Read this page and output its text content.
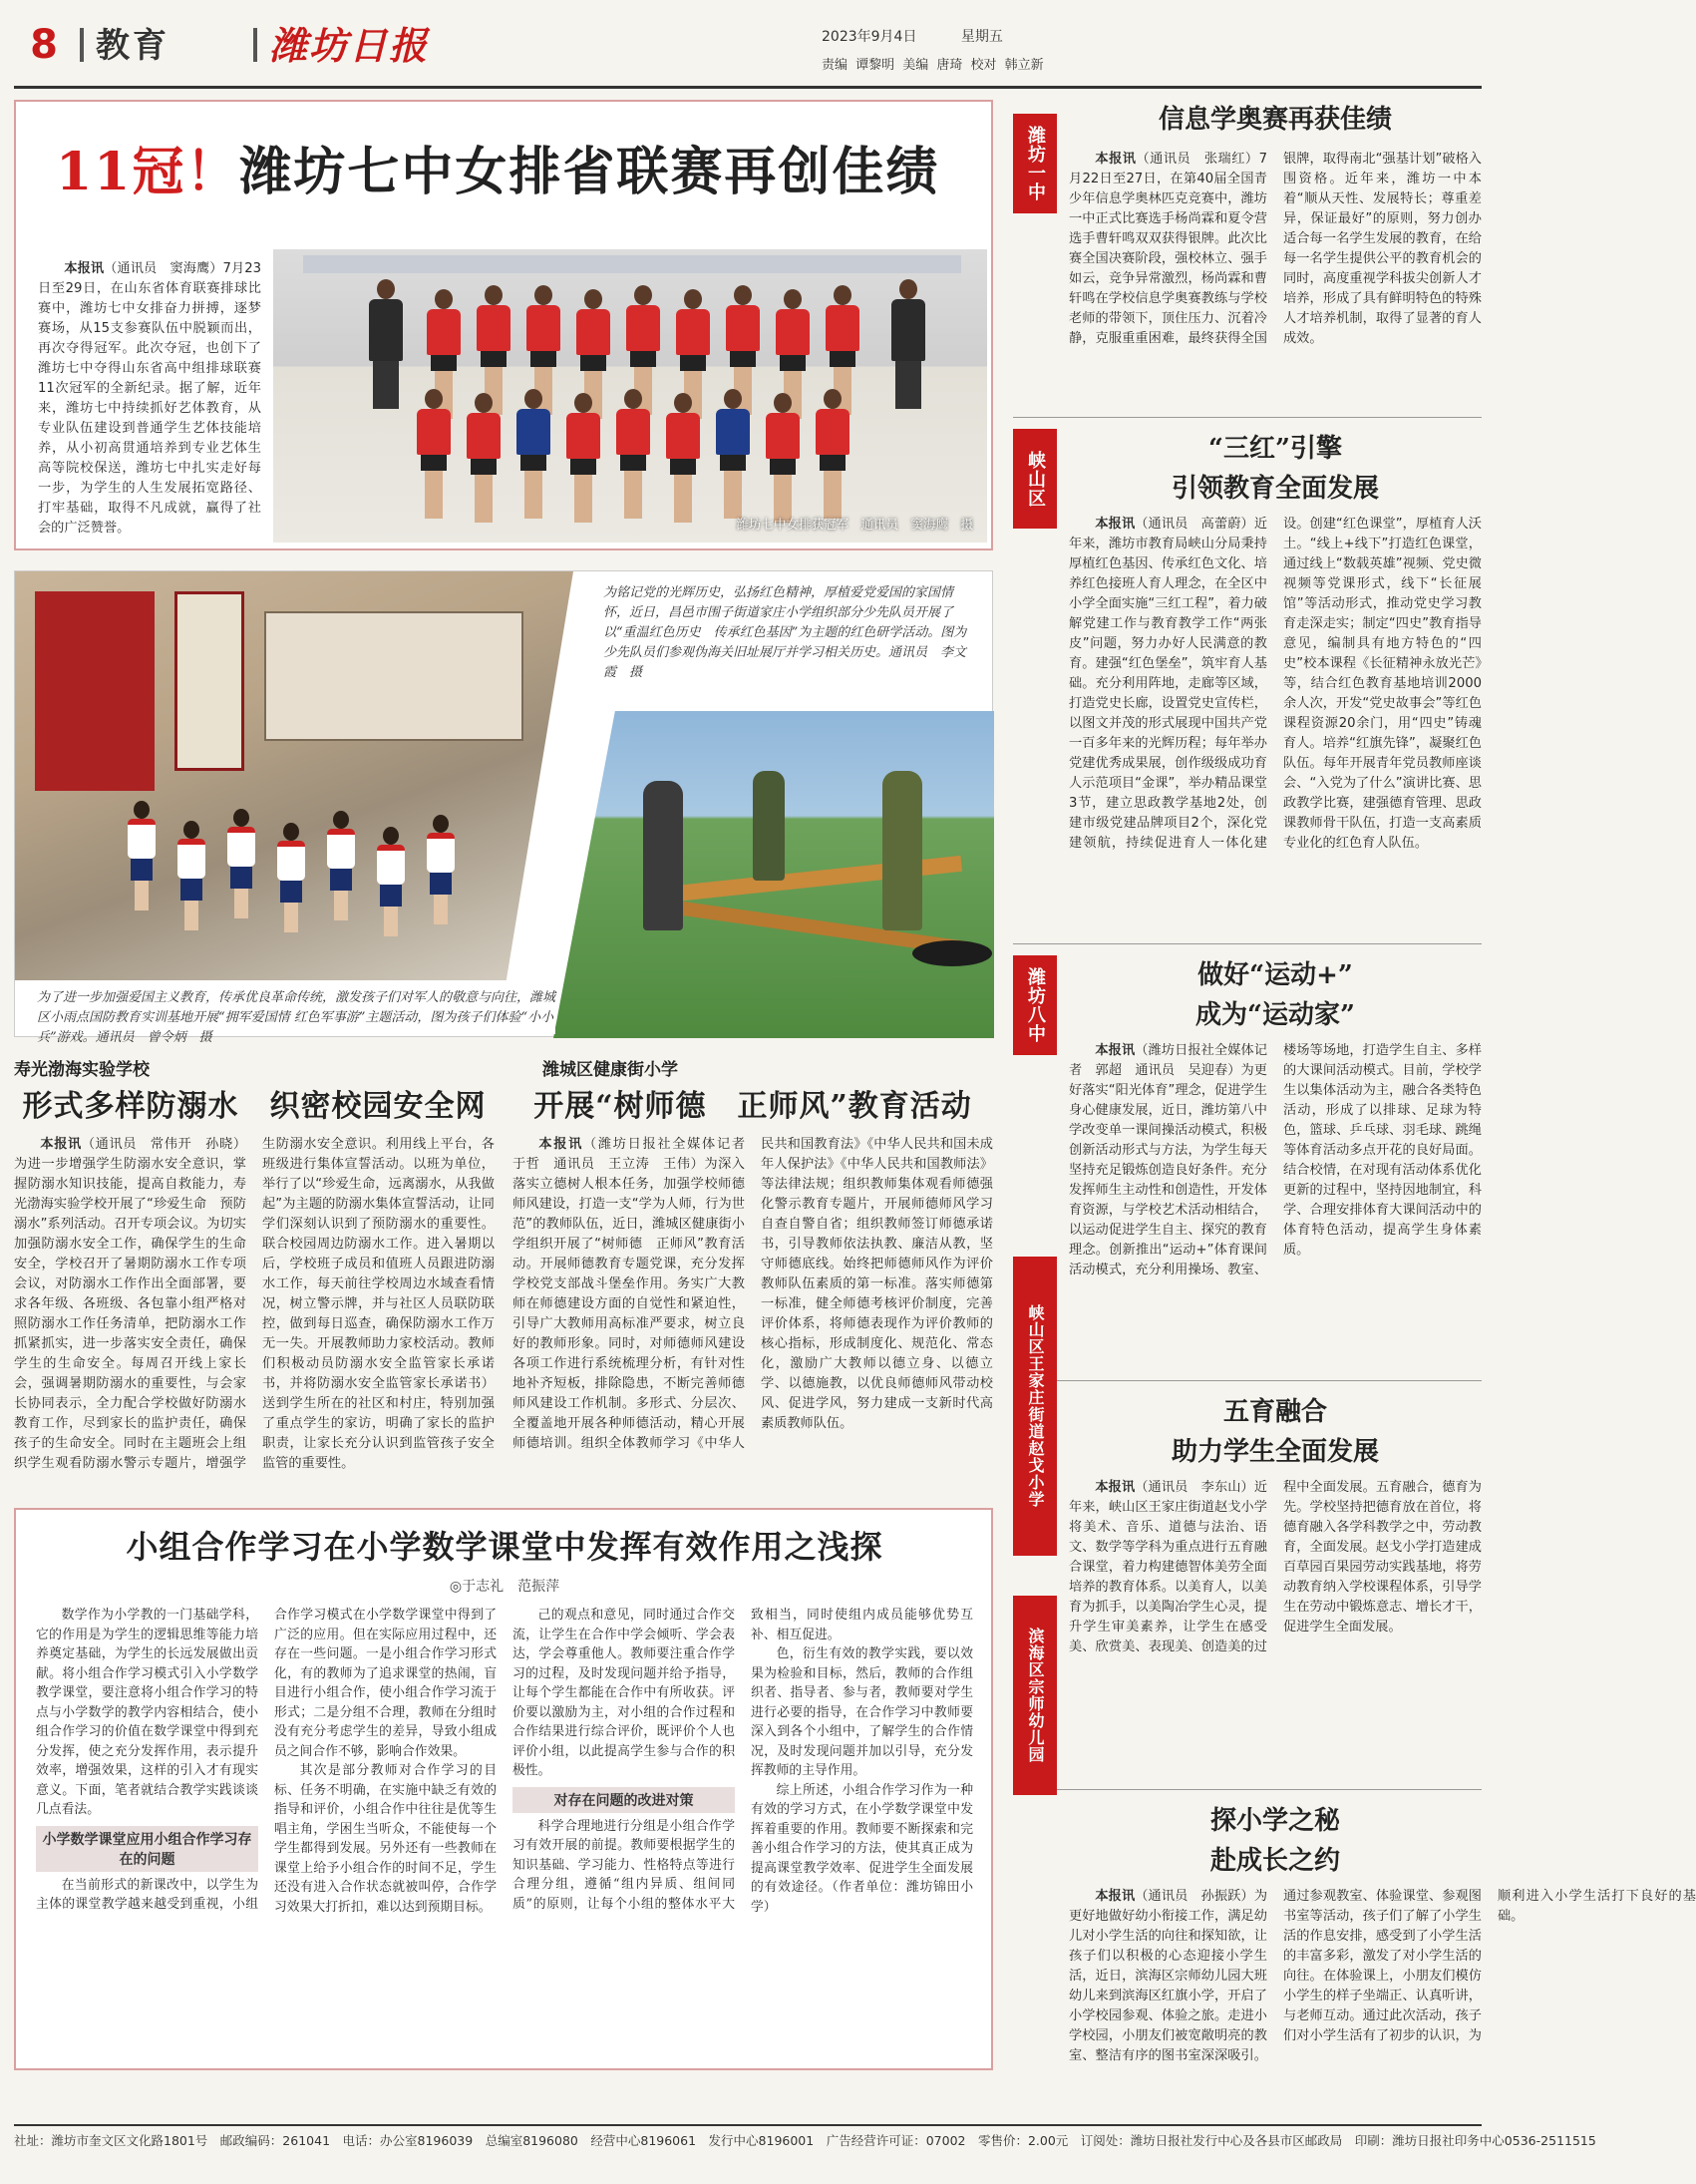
8	教育	潍坊日报	2023年9月4日	星期五
责编 谭黎明 美编 唐琦 校对 韩立新
11冠！潍坊七中女排省联赛再创佳绩
本报讯（通讯员　窦海鹰）7月23日至29日，在山东省体育联赛排球比赛中，潍坊七中女排奋力拼搏，逐梦赛场，从15支参赛队伍中脱颖而出，再次夺得冠军。此次夺冠，也创下了潍坊七中夺得山东省高中组排球联赛11次冠军的全新纪录。据了解，近年来，潍坊七中持续抓好艺体教育，从专业队伍建设到普通学生艺体技能培养，从小初高贯通培养到专业艺体生高等院校保送，潍坊七中扎实走好每一步，为学生的人生发展拓宽路径、打牢基础，取得不凡成就，赢得了社会的广泛赞誉。	潍坊七中女排获冠军　通讯员　窦海鹰　摄
为铭记党的光辉历史，弘扬红色精神，厚植爱党爱国的家国情怀，近日，昌邑市围子街道家庄小学组织部分少先队员开展了以“重温红色历史　传承红色基因”为主题的红色研学活动。图为少先队员们参观伪海关旧址展厅并学习相关历史。通讯员　李文霞　摄
为了进一步加强爱国主义教育，传承优良革命传统，激发孩子们对军人的敬意与向往，潍城区小雨点国防教育实训基地开展“拥军爱国情 红色军事游”主题活动，图为孩子们体验“小小兵”游戏。通讯员　曾令炳　摄
寿光渤海实验学校
形式多样防溺水　织密校园安全网
本报讯（通讯员　常伟开　孙晓）为进一步增强学生防溺水安全意识，掌握防溺水知识技能，提高自救能力，寿光渤海实验学校开展了“珍爱生命　预防溺水”系列活动。召开专项会议。为切实加强防溺水安全工作，确保学生的生命安全，学校召开了暑期防溺水工作专项会议，对防溺水工作作出全面部署，要求各年级、各班级、各包靠小组严格对照防溺水工作任务清单，把防溺水工作抓紧抓实，进一步落实安全责任，确保学生的生命安全。每周召开线上家长会，强调暑期防溺水的重要性，与会家长协同表示，全力配合学校做好防溺水教育工作，尽到家长的监护责任，确保孩子的生命安全。同时在主题班会上组织学生观看防溺水警示专题片，增强学生防溺水安全意识。利用线上平台，各班级进行集体宣誓活动。以班为单位，举行了以“珍爱生命，远离溺水，从我做起”为主题的防溺水集体宣誓活动，让同学们深刻认识到了预防溺水的重要性。联合校园周边防溺水工作。进入暑期以后，学校班子成员和值班人员跟进防溺水工作，每天前往学校周边水域查看情况，树立警示牌，并与社区人员联防联控，做到每日巡查，确保防溺水工作万无一失。开展教师助力家校活动。教师们积极动员防溺水安全监管家长承诺书，并将防溺水安全监管家长承诺书）送到学生所在的社区和村庄，特别加强了重点学生的家访，明确了家长的监护职责，让家长充分认识到监管孩子安全监管的重要性。
潍城区健康街小学
开展“树师德　正师风”教育活动
本报讯（潍坊日报社全媒体记者　于哲　通讯员　王立涛　王伟）为深入落实立德树人根本任务，加强学校师德师风建设，打造一支“学为人师，行为世范”的教师队伍，近日，潍城区健康街小学组织开展了“树师德　正师风”教育活动。开展师德教育专题党课，充分发挥学校党支部战斗堡垒作用。务实广大教师在师德建设方面的自觉性和紧迫性，引导广大教师用高标准严要求，树立良好的教师形象。同时，对师德师风建设各项工作进行系统梳理分析，有针对性地补齐短板，排除隐患，不断完善师德师风建设工作机制。多形式、分层次、全覆盖地开展各种师德活动，精心开展师德培训。组织全体教师学习《中华人民共和国教育法》《中华人民共和国未成年人保护法》《中华人民共和国教师法》等法律法规；组织教师集体观看师德强化警示教育专题片，开展师德师风学习自查自警自省；组织教师签订师德承诺书，引导教师依法执教、廉洁从教，坚守师德底线。始终把师德师风作为评价教师队伍素质的第一标准。落实师德第一标准，健全师德考核评价制度，完善评价体系，将师德表现作为评价教师的核心指标，形成制度化、规范化、常态化，激励广大教师以德立身、以德立学、以德施教，以优良师德师风带动校风、促进学风，努力建成一支新时代高素质教师队伍。
小组合作学习在小学数学课堂中发挥有效作用之浅探
◎于志礼　范振萍

数学作为小学教的一门基础学科，它的作用是为学生的逻辑思维等能力培养奠定基础，为学生的长远发展做出贡献。将小组合作学习模式引入小学数学教学课堂，要注意将小组合作学习的特点与小学数学的教学内容相结合，使小组合作学习的价值在数学课堂中得到充分发挥，使之充分发挥作用，表示提升效率，增强效果，这样的引入才有现实意义。下面，笔者就结合教学实践谈谈几点看法。

小学数学课堂应用小组合作学习存在的问题

在当前形式的新课改中，以学生为主体的课堂教学越来越受到重视，小组合作学习模式在小学数学课堂中得到了广泛的应用。但在实际应用过程中，还存在一些问题。一是小组合作学习形式化，有的教师为了追求课堂的热闹，盲目进行小组合作，使小组合作学习流于形式；二是分组不合理，教师在分组时没有充分考虑学生的差异，导致小组成员之间合作不够，影响合作效果。

其次是部分教师对合作学习的目标、任务不明确，在实施中缺乏有效的指导和评价，小组合作中往往是优等生唱主角，学困生当听众，不能使每一个学生都得到发展。另外还有一些教师在课堂上给予小组合作的时间不足，学生还没有进入合作状态就被叫停，合作学习效果大打折扣，难以达到预期目标。

己的观点和意见，同时通过合作交流，让学生在合作中学会倾听、学会表达，学会尊重他人。教师要注重合作学习的过程，及时发现问题并给予指导，让每个学生都能在合作中有所收获。评价要以激励为主，对小组的合作过程和合作结果进行综合评价，既评价个人也评价小组，以此提高学生参与合作的积极性。

对存在问题的改进对策

科学合理地进行分组是小组合作学习有效开展的前提。教师要根据学生的知识基础、学习能力、性格特点等进行合理分组，遵循“组内异质、组间同质”的原则，让每个小组的整体水平大致相当，同时使组内成员能够优势互补、相互促进。

色，衍生有效的教学实践，要以效果为检验和目标，然后，教师的合作组织者、指导者、参与者，教师要对学生进行必要的指导，在合作学习中教师要深入到各个小组中，了解学生的合作情况，及时发现问题并加以引导，充分发挥教师的主导作用。

综上所述，小组合作学习作为一种有效的学习方式，在小学数学课堂中发挥着重要的作用。教师要不断探索和完善小组合作学习的方法，使其真正成为提高课堂教学效率、促进学生全面发展的有效途径。（作者单位：潍坊锦田小学）

潍坊一中
信息学奥赛再获佳绩
本报讯（通讯员　张瑞红）7月22日至27日，在第40届全国青少年信息学奥林匹克竞赛中，潍坊一中正式比赛选手杨尚霖和夏令营选手曹轩鸣双双获得银牌。此次比赛全国决赛阶段，强校林立、强手如云，竞争异常激烈，杨尚霖和曹轩鸣在学校信息学奥赛教练与学校老师的带领下，顶住压力、沉着冷静，克服重重困难，最终获得全国银牌，取得南北“强基计划”破格入围资格。近年来，潍坊一中本着“顺从天性、发展特长；尊重差异，保证最好”的原则，努力创办适合每一名学生发展的教育，在给每一名学生提供公平的教育机会的同时，高度重视学科拔尖创新人才培养，形成了具有鲜明特色的特殊人才培养机制，取得了显著的育人成效。
峡山区
“三红”引擎
引领教育全面发展
本报讯（通讯员　高蕾蔚）近年来，潍坊市教育局峡山分局秉持厚植红色基因、传承红色文化、培养红色接班人育人理念，在全区中小学全面实施“三红工程”，着力破解党建工作与教育教学工作“两张皮”问题，努力办好人民满意的教育。建强“红色堡垒”，筑牢育人基础。充分利用阵地，走廊等区域，打造党史长廊，设置党史宣传栏，以图文并茂的形式展现中国共产党一百多年来的光辉历程；每年举办党建优秀成果展，创作级级成功育人示范项目“金课”，举办精品课堂3节，建立思政教学基地2处，创建市级党建品牌项目2个，深化党建领航，持续促进育人一体化建设。创建“红色课堂”，厚植育人沃土。“线上+线下”打造红色课堂，通过线上“数载英雄”视频、党史微视频等党课形式，线下“长征展馆”等活动形式，推动党史学习教育走深走实；制定“四史”教育指导意见，编制具有地方特色的“四史”校本课程《长征精神永放光芒》等，结合红色教育基地培训2000余人次，开发“党史故事会”等红色课程资源20余门，用“四史”铸魂育人。培养“红旗先锋”，凝聚红色队伍。每年开展青年党员教师座谈会、“入党为了什么”演讲比赛、思政教学比赛，建强德育管理、思政课教师骨干队伍，打造一支高素质专业化的红色育人队伍。
潍坊八中	做好“运动+”
成为“运动家”
本报讯（潍坊日报社全媒体记者　郭超　通讯员　吴迎春）为更好落实“阳光体育”理念，促进学生身心健康发展，近日，潍坊第八中学改变单一课间操活动模式，积极创新活动形式与方法，为学生每天坚持充足锻炼创造良好条件。充分发挥师生主动性和创造性，开发体育资源，与学校艺术活动相结合，以运动促进学生自主、探究的教育理念。创新推出“运动+”体育课间活动模式，充分利用操场、教室、楼场等场地，打造学生自主、多样的大课间活动模式。目前，学校学生以集体活动为主，融合各类特色活动，形成了以排球、足球为特色，篮球、乒乓球、羽毛球、跳绳等体育活动多点开花的良好局面。结合校情，在对现有活动体系优化更新的过程中，坚持因地制宜，科学、合理安排体育大课间活动中的体育特色活动，提高学生身体素质。
峡山区王家庄街道赵戈小学	五育融合
助力学生全面发展
本报讯（通讯员　李东山）近年来，峡山区王家庄街道赵戈小学将美术、音乐、道德与法治、语文、数学等学科为重点进行五育融合课堂，着力构建德智体美劳全面培养的教育体系。以美育人，以美育为抓手，以美陶冶学生心灵，提升学生审美素养，让学生在感受美、欣赏美、表现美、创造美的过程中全面发展。五育融合，德育为先。学校坚持把德育放在首位，将德育融入各学科教学之中，劳动教育，全面发展。赵戈小学打造建成百草园百果园劳动实践基地，将劳动教育纳入学校课程体系，引导学生在劳动中锻炼意志、增长才干，促进学生全面发展。
滨海区宗师幼儿园
探小学之秘
赴成长之约
本报讯（通讯员　孙振跃）为更好地做好幼小衔接工作，满足幼儿对小学生活的向往和探知欲，让孩子们以积极的心态迎接小学生活，近日，滨海区宗师幼儿园大班幼儿来到滨海区红旗小学，开启了小学校园参观、体验之旅。走进小学校园，小朋友们被宽敞明亮的教室、整洁有序的图书室深深吸引。通过参观教室、体验课堂、参观图书室等活动，孩子们了解了小学生活的作息安排，感受到了小学生活的丰富多彩，激发了对小学生活的向往。在体验课上，小朋友们模仿小学生的样子坐端正、认真听讲，与老师互动。通过此次活动，孩子们对小学生活有了初步的认识，为顺利进入小学生活打下良好的基础。
社址：潍坊市奎文区文化路1801号　邮政编码：261041　电话：办公室8196039　总编室8196080　经营中心8196061　发行中心8196001　广告经营许可证：07002　零售价：2.00元　订阅处：潍坊日报社发行中心及各县市区邮政局　印刷：潍坊日报社印务中心0536-2511515
